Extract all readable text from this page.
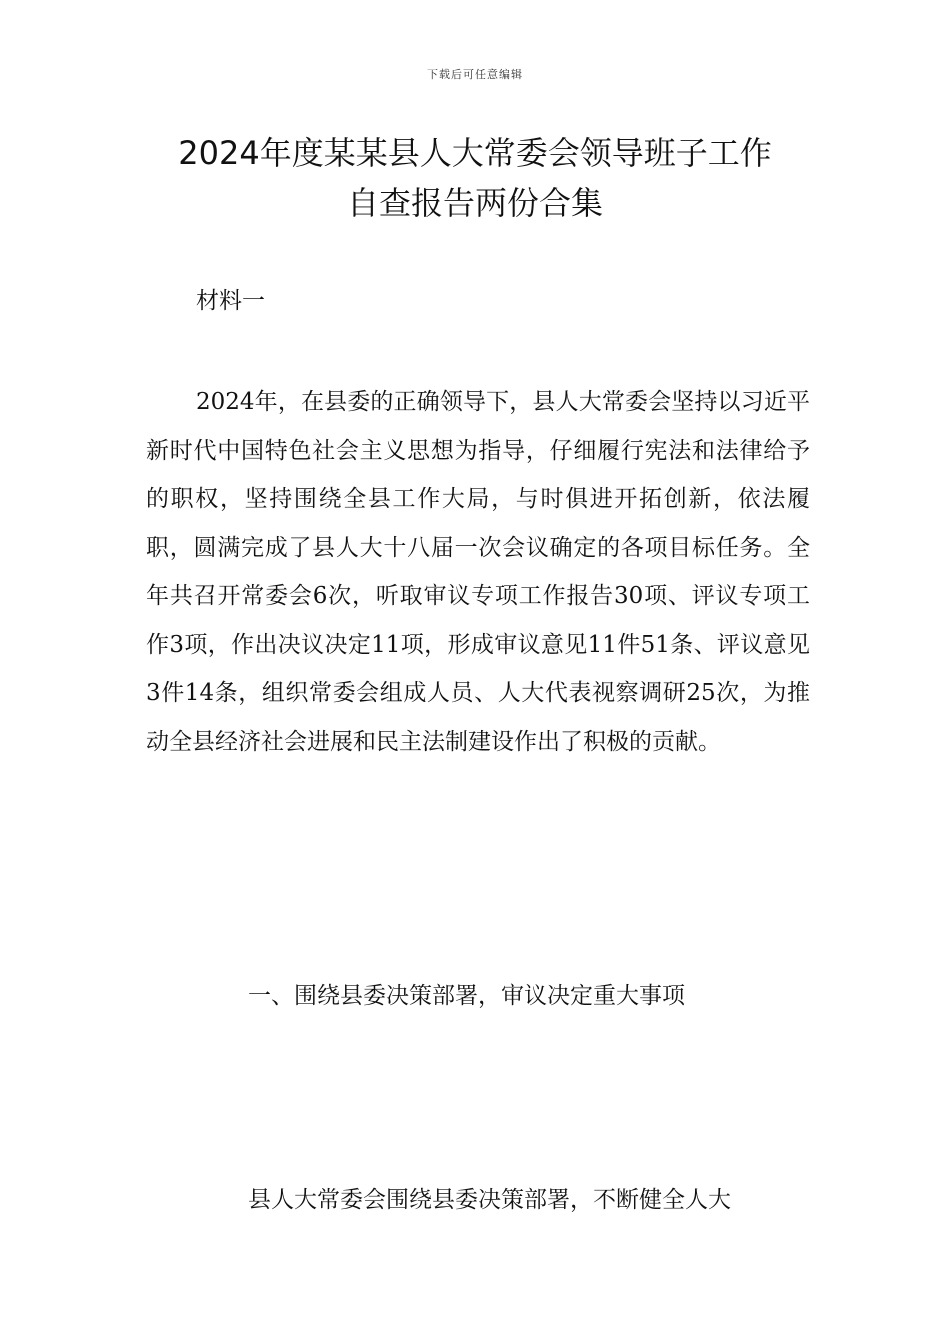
下载后可任意编辑
2024年度某某县人大常委会领导班子工作
自查报告两份合集
材料一

2024年，在县委的正确领导下，县人大常委会坚持以习近平新时代中国特色社会主义思想为指导，仔细履行宪法和法律给予的职权，坚持围绕全县工作大局，与时俱进开拓创新，依法履职，圆满完成了县人大十八届一次会议确定的各项目标任务。全年共召开常委会6次，听取审议专项工作报告30项、评议专项工作3项，作出决议决定11项，形成审议意见11件51条、评议意见3件14条，组织常委会组成人员、人大代表视察调研25次，为推动全县经济社会进展和民主法制建设作出了积极的贡献。

一、围绕县委决策部署，审议决定重大事项

县人大常委会围绕县委决策部署，不断健全人大
